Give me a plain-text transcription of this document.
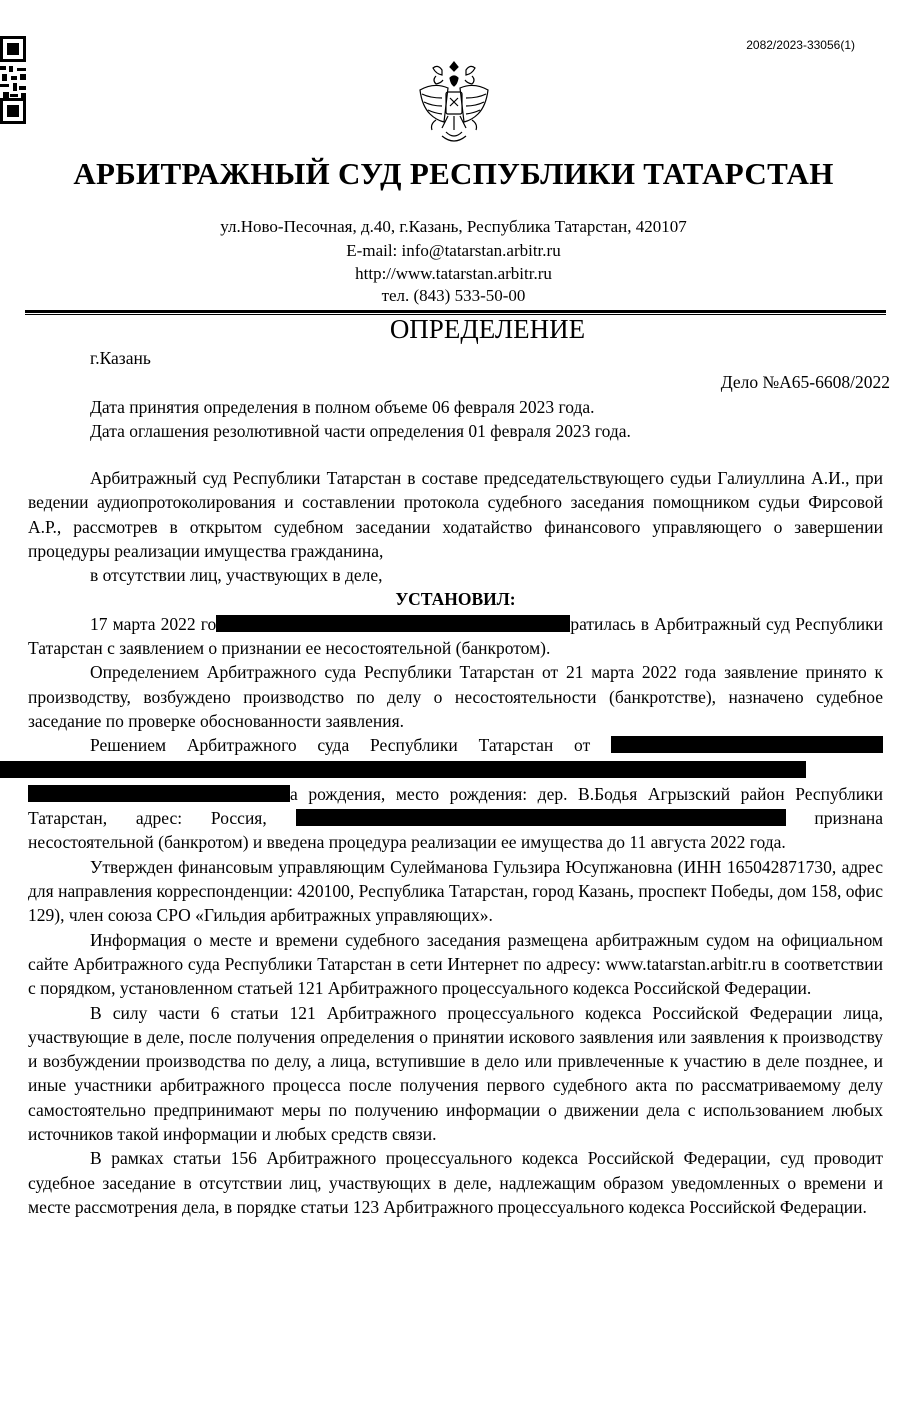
2082/2023-33056(1)
АРБИТРАЖНЫЙ СУД РЕСПУБЛИКИ ТАТАРСТАН
ул.Ново-Песочная, д.40, г.Казань, Республика Татарстан, 420107
E-mail: info@tatarstan.arbitr.ru
http://www.tatarstan.arbitr.ru
тел. (843) 533-50-00
ОПРЕДЕЛЕНИЕ
г.Казань
Дело №А65-6608/2022
Дата принятия определения в полном объеме 06 февраля 2023 года.
Дата оглашения резолютивной части определения 01 февраля 2023 года.

Арбитражный суд Республики Татарстан в составе председательствующего судьи Галиуллина А.И., при ведении аудиопротоколирования и составлении протокола судебного заседания помощником судьи Фирсовой А.Р., рассмотрев в открытом судебном заседании ходатайство финансового управляющего о завершении процедуры реализации имущества гражданина,

в отсутствии лиц, участвующих в деле,

УСТАНОВИЛ:

17 марта 2022 го	ратилась в Арбитражный суд Республики Татарстан с заявлением о признании ее несостоятельной (банкротом).

Определением Арбитражного суда Республики Татарстан от 21 марта 2022 года заявление принято к производству, возбуждено производство по делу о несостоятельности (банкротстве), назначено судебное заседание по проверке обоснованности заявления.

Решением Арбитражного суда Республики Татарстан от   а рождения, место рождения: дер. В.Бодья Агрызский район Республики Татарстан, адрес: Россия,	признана несостоятельной (банкротом) и введена процедура реализации ее имущества до 11 августа 2022 года.

Утвержден финансовым управляющим Сулейманова Гульзира Юсупжановна (ИНН 165042871730, адрес для направления корреспонденции: 420100, Республика Татарстан, город Казань, проспект Победы, дом 158, офис 129), член союза СРО «Гильдия арбитражных управляющих».

Информация о месте и времени судебного заседания размещена арбитражным судом на официальном сайте Арбитражного суда Республики Татарстан в сети Интернет по адресу: www.tatarstan.arbitr.ru в соответствии с порядком, установленном статьей 121 Арбитражного процессуального кодекса Российской Федерации.

В силу части 6 статьи 121 Арбитражного процессуального кодекса Российской Федерации лица, участвующие в деле, после получения определения о принятии искового заявления или заявления к производству и возбуждении производства по делу, а лица, вступившие в дело или привлеченные к участию в деле позднее, и иные участники арбитражного процесса после получения первого судебного акта по рассматриваемому делу самостоятельно предпринимают меры по получению информации о движении дела с использованием любых источников такой информации и любых средств связи.

В рамках статьи 156 Арбитражного процессуального кодекса Российской Федерации, суд проводит судебное заседание в отсутствии лиц, участвующих в деле, надлежащим образом уведомленных о времени и месте рассмотрения дела, в порядке статьи 123 Арбитражного процессуального кодекса Российской Федерации.
